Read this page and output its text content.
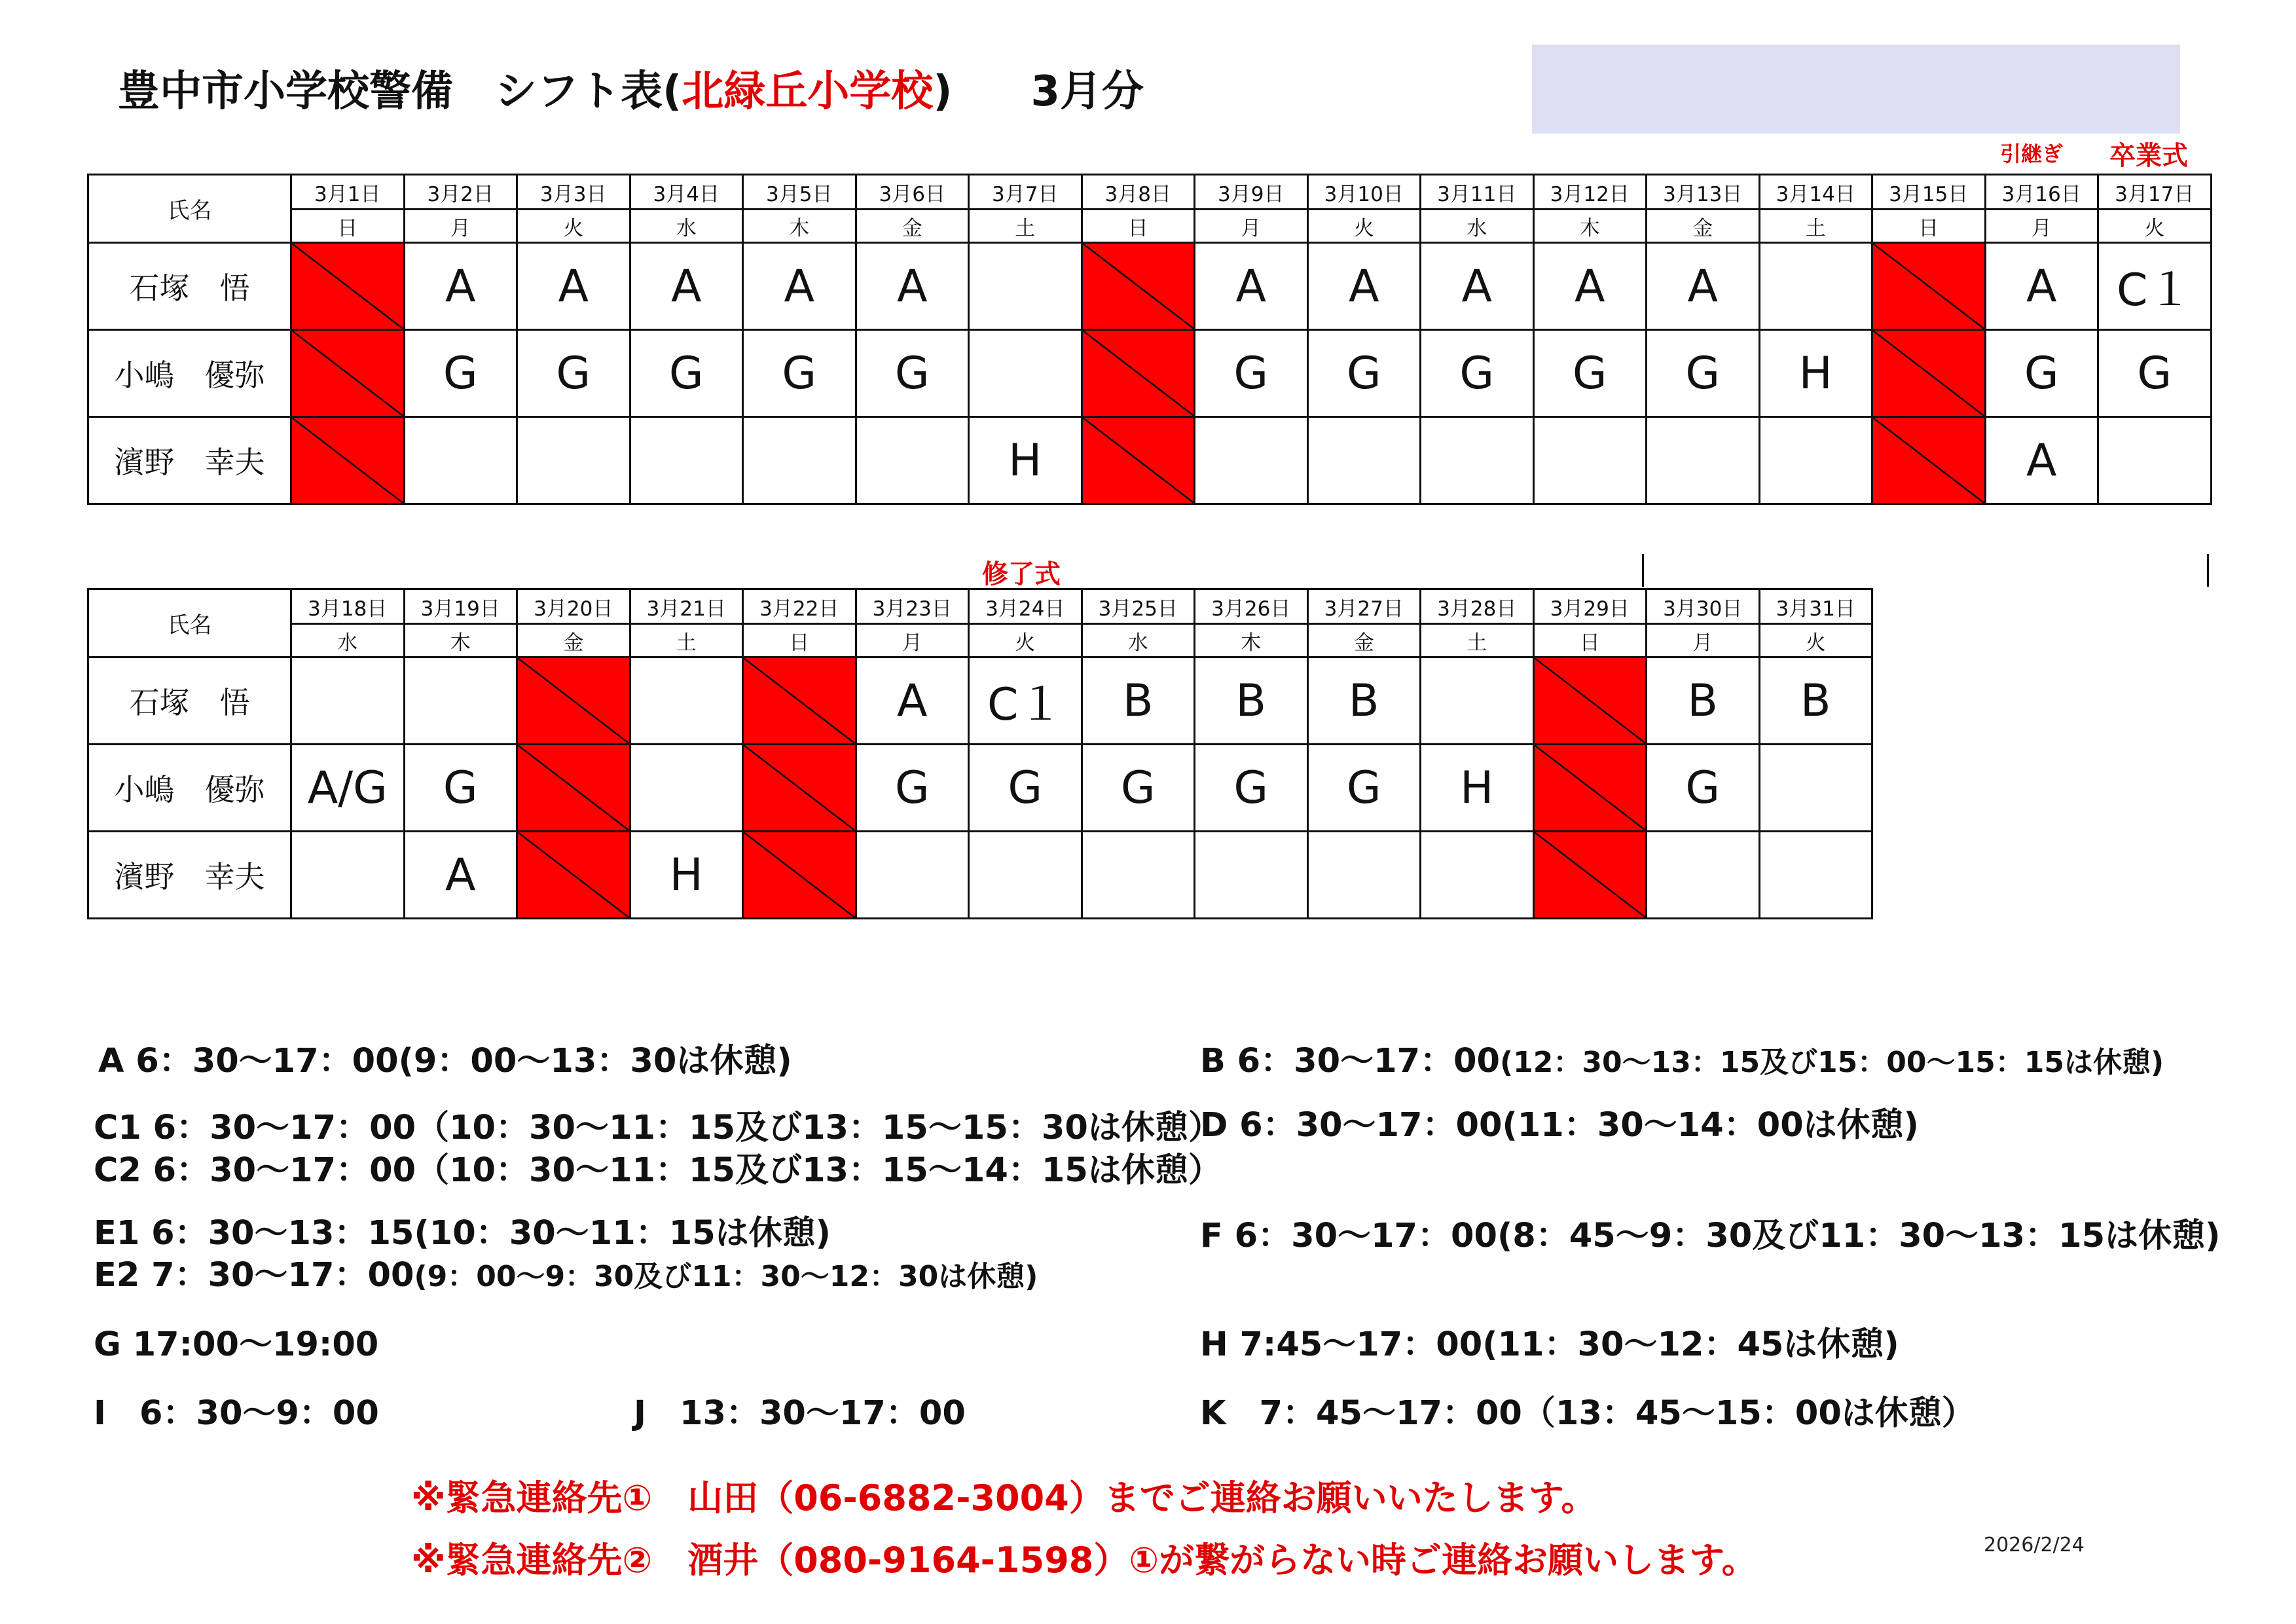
豊中市小学校警備　シフト表(北緑丘小学校) 3月分
引継ぎ 卒業式
修了式
氏名	3月1日	3月2日	3月3日	3月4日	3月5日	3月6日	3月7日	3月8日	3月9日	3月10日	3月11日	3月12日	3月13日	3月14日	3月15日	3月16日	3月17日
	日	月	火	水	木	金	土	日	月	火	水	木	金	土	日	月	火
石塚　悟		A	A	A	A	A			A	A	A	A	A			A	C１
小嶋　優弥		G	G	G	G	G			G	G	G	G	G	H		G	G
濱野　幸夫							H									A	
氏名	3月18日	3月19日	3月20日	3月21日	3月22日	3月23日	3月24日	3月25日	3月26日	3月27日	3月28日	3月29日	3月30日	3月31日
	水	木	金	土	日	月	火	水	木	金	土	日	月	火
石塚　悟						A	C１	B	B	B			B	B
小嶋　優弥	A/G	G				G	G	G	G	G	H		G	
濱野　幸夫		A		H	

A 6：30～17：00(9：00～13：30は休憩)	B 6：30～17：00(12：30～13：15及び15：00～15：15は休憩)
C1 6：30～17：00（10：30～11：15及び13：15～15：30は休憩）
C2 6：30～17：00（10：30～11：15及び13：15～14：15は休憩）
D 6：30～17：00(11：30～14：00は休憩)
E1 6：30～13：15(10：30～11：15は休憩)
E2 7：30～17：00(9：00～9：30及び11：30～12：30は休憩)
F 6：30～17：00(8：45～9：30及び11：30～13：15は休憩)
G 17:00～19:00	H 7:45～17：00(11：30～12：45は休憩)
I　6：30～9：00	J　13：30～17：00	K　7：45～17：00（13：45～15：00は休憩）
※緊急連絡先①　山田（06-6882-3004）までご連絡お願いいたします。
※緊急連絡先②　酒井（080-9164-1598）①が繋がらない時ご連絡お願いします。	2026/2/24
